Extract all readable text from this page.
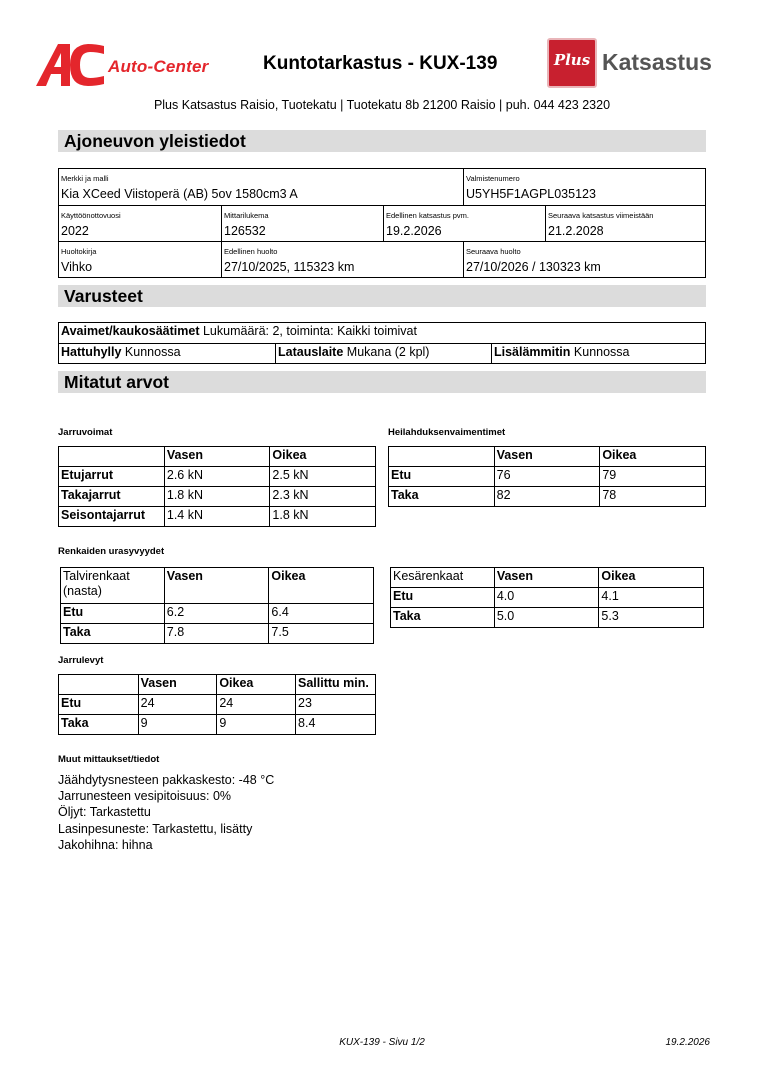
Auto-Center	Kuntotarkastus - KUX-139	Plus Katsastus
Plus Katsastus Raisio, Tuotekatu | Tuotekatu 8b 21200 Raisio | puh. 044 423 2320
Ajoneuvon yleistiedot
Merkki ja malli
Kia XCeed Viistoperä (AB) 5ov 1580cm3 A
Valmistenumero
U5YH5F1AGPL035123
Käyttöönottovuosi
2022
Mittarilukema
126532
Edellinen katsastus pvm.
19.2.2026
Seuraava katsastus viimeistään
21.2.2028
Huoltokirja
Vihko
Edellinen huolto
27/10/2025, 115323 km
Seuraava huolto
27/10/2026 / 130323 km
Varusteet
Avaimet/kaukosäätimet Lukumäärä: 2, toiminta: Kaikki toimivat
Hattuhylly Kunnossa	Latauslaite Mukana (2 kpl)	Lisälämmitin Kunnossa
Mitatut arvot
Jarruvoimat
	Vasen	Oikea
Etujarrut	2.6 kN	2.5 kN
Takajarrut	1.8 kN	2.3 kN
Seisontajarrut	1.4 kN	1.8 kN
Heilahduksenvaimentimet
	Vasen	Oikea
Etu	76	79
Taka	82	78
Renkaiden urasyvyydet
Talvirenkaat (nasta)	Vasen	Oikea
Etu	6.2	6.4
Taka	7.8	7.5
Kesärenkaat	Vasen	Oikea
Etu	4.0	4.1
Taka	5.0	5.3
Jarrulevyt
	Vasen	Oikea	Sallittu min.
Etu	24	24	23
Taka	9	9	8.4
Muut mittaukset/tiedot
Jäähdytysnesteen pakkaskesto: -48 °C
Jarrunesteen vesipitoisuus: 0%
Öljyt: Tarkastettu
Lasinpesuneste: Tarkastettu, lisätty
Jakohihna: hihna
KUX-139 - Sivu 1/2	19.2.2026
